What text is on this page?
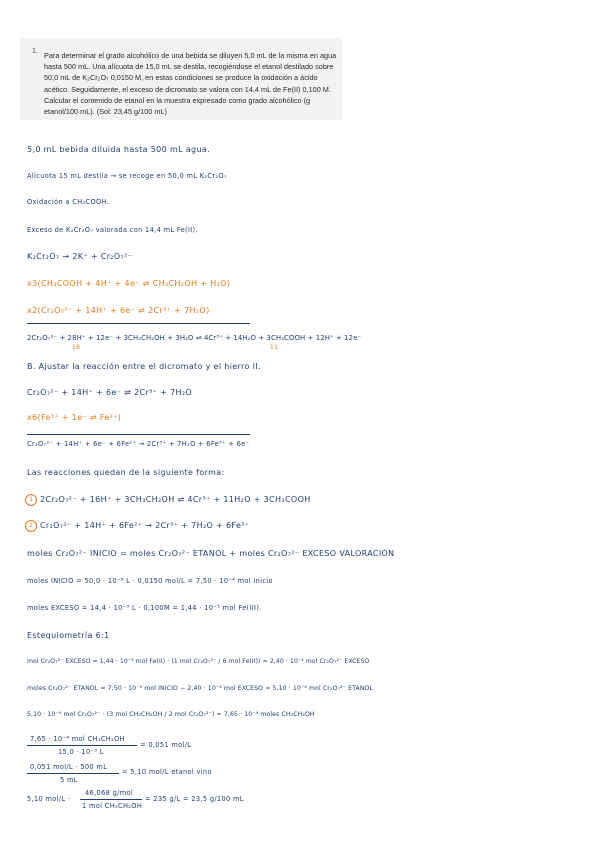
1. Para determinar el grado alcohólico de una bebida se diluyen 5,0 mL de la misma en agua hasta 500 mL. Una alícuota de 15,0 mL se destila, recogiéndose el etanol destilado sobre 50,0 mL de K₂Cr₂O₇ 0,0150 M, en estas condiciones se produce la oxidación a ácido acético. Seguidamente, el exceso de dicromato se valora con 14,4 mL de Fe(II) 0,100 M. Calcular el contenido de etanol en la muestra expresado como grado alcohólico (g etanol/100 mL). (Sol: 23,45 g/100 mL)
5,0 mL bebida diluida hasta 500 mL agua.
Alícuota 15 mL destila → se recoge en 50,0 mL K₂Cr₂O₇
Oxidación a CH₃COOH.
Exceso de K₂Cr₂O₇ valorada con 14,4 mL Fe(II).
K₂Cr₂O₇ → 2K⁺ + Cr₂O₇²⁻
x3(CH₃COOH + 4H⁺ + 4e⁻ ⇌ CH₃CH₂OH + H₂O)
x2(Cr₂O₇²⁻ + 14H⁺ + 6e⁻ ⇌ 2Cr³⁺ + 7H₂O)
2Cr₂O₇²⁻ + 28H⁺ + 12e⁻ + 3CH₃CH₂OH + 3H₂O ⇌ 4Cr³⁺ + 14H₂O + 3CH₃COOH + 12H⁺ + 12e⁻
16	11
B. Ajustar la reacción entre el dicromato y el hierro II.
Cr₂O₇²⁻ + 14H⁺ + 6e⁻ ⇌ 2Cr³⁺ + 7H₂O
x6(Fe³⁺ + 1e⁻ ⇌ Fe²⁺)
Cr₂O₇²⁻ + 14H⁺ + 6e⁻ + 6Fe²⁺ → 2Cr³⁺ + 7H₂O + 6Fe³⁺ + 6e⁻
Las reacciones quedan de la siguiente forma:
1 2Cr₂O₇²⁻ + 16H⁺ + 3CH₃CH₂OH ⇌ 4Cr³⁺ + 11H₂O + 3CH₃COOH
2 Cr₂O₇²⁻ + 14H⁺ + 6Fe²⁺ → 2Cr³⁺ + 7H₂O + 6Fe³⁺
moles Cr₂O₇²⁻ INICIO = moles Cr₂O₇²⁻ ETANOL + moles Cr₂O₇²⁻ EXCESO VALORACIÓN
moles INICIO = 50,0 · 10⁻³ L · 0,0150 mol/L = 7,50 · 10⁻⁴ mol inicio
moles EXCESO = 14,4 · 10⁻³ L · 0,100M = 1,44 · 10⁻³ mol Fe(III).
Estequiometría 6:1
mol Cr₂O₇²⁻ EXCESO = 1,44 · 10⁻³ mol Fe(II) · (1 mol Cr₂O₇²⁻ / 6 mol Fe(II)) = 2,40 · 10⁻⁴ mol Cr₂O₇²⁻ EXCESO
moles Cr₂O₇²⁻ ETANOL = 7,50 · 10⁻⁴ mol INICIO − 2,40 · 10⁻⁴ mol EXCESO = 5,10 · 10⁻⁴ mol Cr₂O₇²⁻ ETANOL
5,10 · 10⁻⁴ mol Cr₂O₇²⁻ · (3 mol CH₃CH₂OH / 2 mol Cr₂O₇²⁻) = 7,65 · 10⁻⁴ moles CH₃CH₂OH
7,65 · 10⁻⁴ mol CH₃CH₂OH
15,0 · 10⁻³ L
= 0,051 mol/L
0,051 mol/L · 500 mL
5 mL
= 5,10 mol/L etanol vino
5,10 mol/L ·
46,068 g/mol
1 mol CH₃CH₂OH
= 235 g/L = 23,5 g/100 mL
